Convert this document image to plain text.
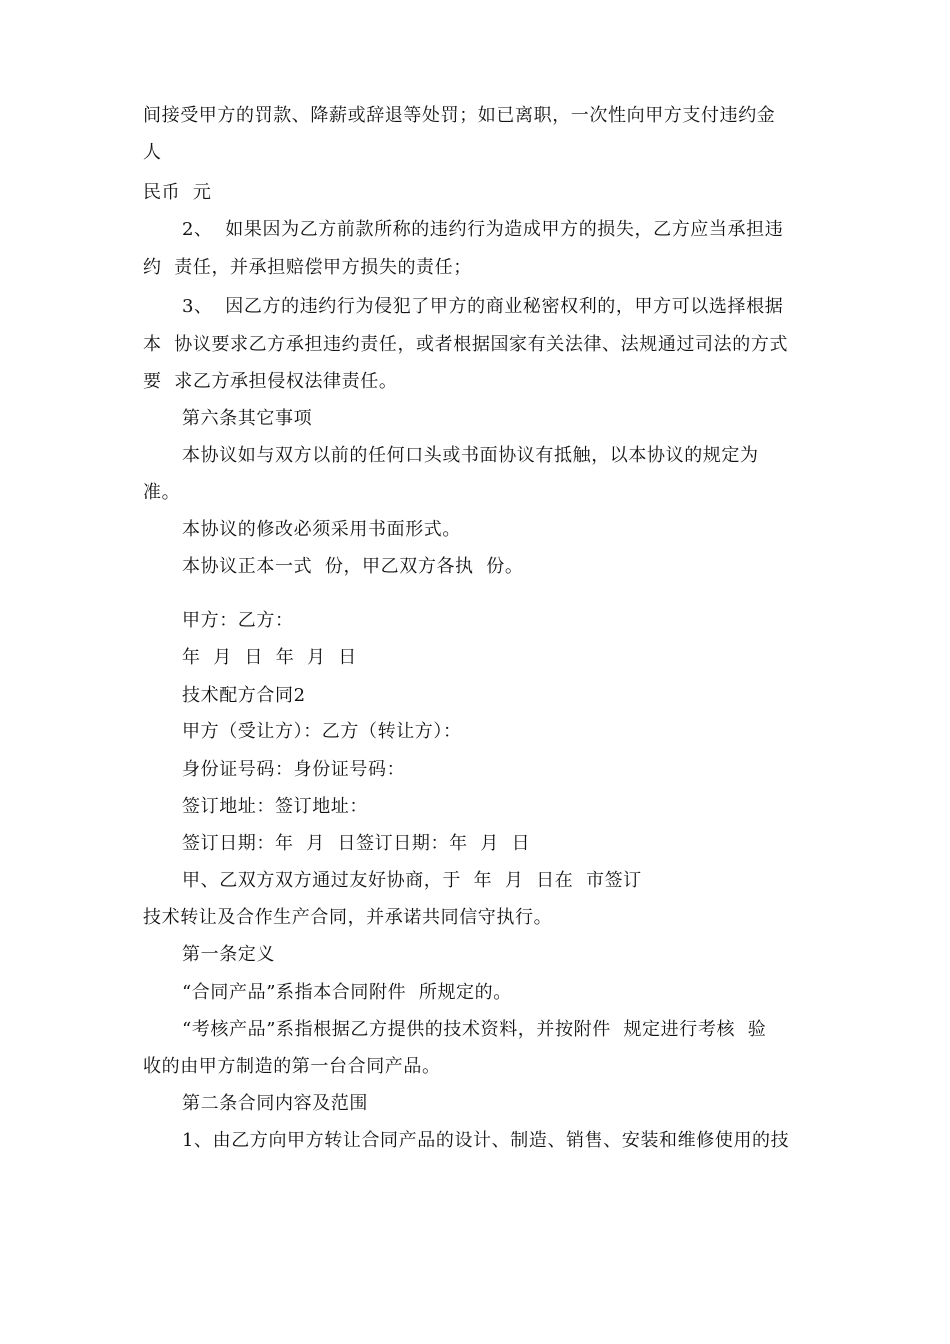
间接受甲方的罚款、降薪或辞退等处罚；如已离职，一次性向甲方支付违约金
人
民币  元
2、  如果因为乙方前款所称的违约行为造成甲方的损失，乙方应当承担违
约  责任，并承担赔偿甲方损失的责任；
3、  因乙方的违约行为侵犯了甲方的商业秘密权利的，甲方可以选择根据
本  协议要求乙方承担违约责任，或者根据国家有关法律、法规通过司法的方式
要  求乙方承担侵权法律责任。
第六条其它事项
本协议如与双方以前的任何口头或书面协议有抵触，以本协议的规定为
准。
本协议的修改必须采用书面形式。
本协议正本一式  份，甲乙双方各执  份。
甲方：乙方：
年  月  日  年  月  日
技术配方合同2
甲方（受让方）：乙方（转让方）：
身份证号码：身份证号码：
签订地址：签订地址：
签订日期：年  月  日签订日期：年  月  日
甲、乙双方双方通过友好协商，于  年  月  日在  市签订
技术转让及合作生产合同，并承诺共同信守执行。
第一条定义
“合同产品”系指本合同附件  所规定的。
“考核产品”系指根据乙方提供的技术资料，并按附件  规定进行考核  验
收的由甲方制造的第一台合同产品。
第二条合同内容及范围
1、由乙方向甲方转让合同产品的设计、制造、销售、安装和维修使用的技
